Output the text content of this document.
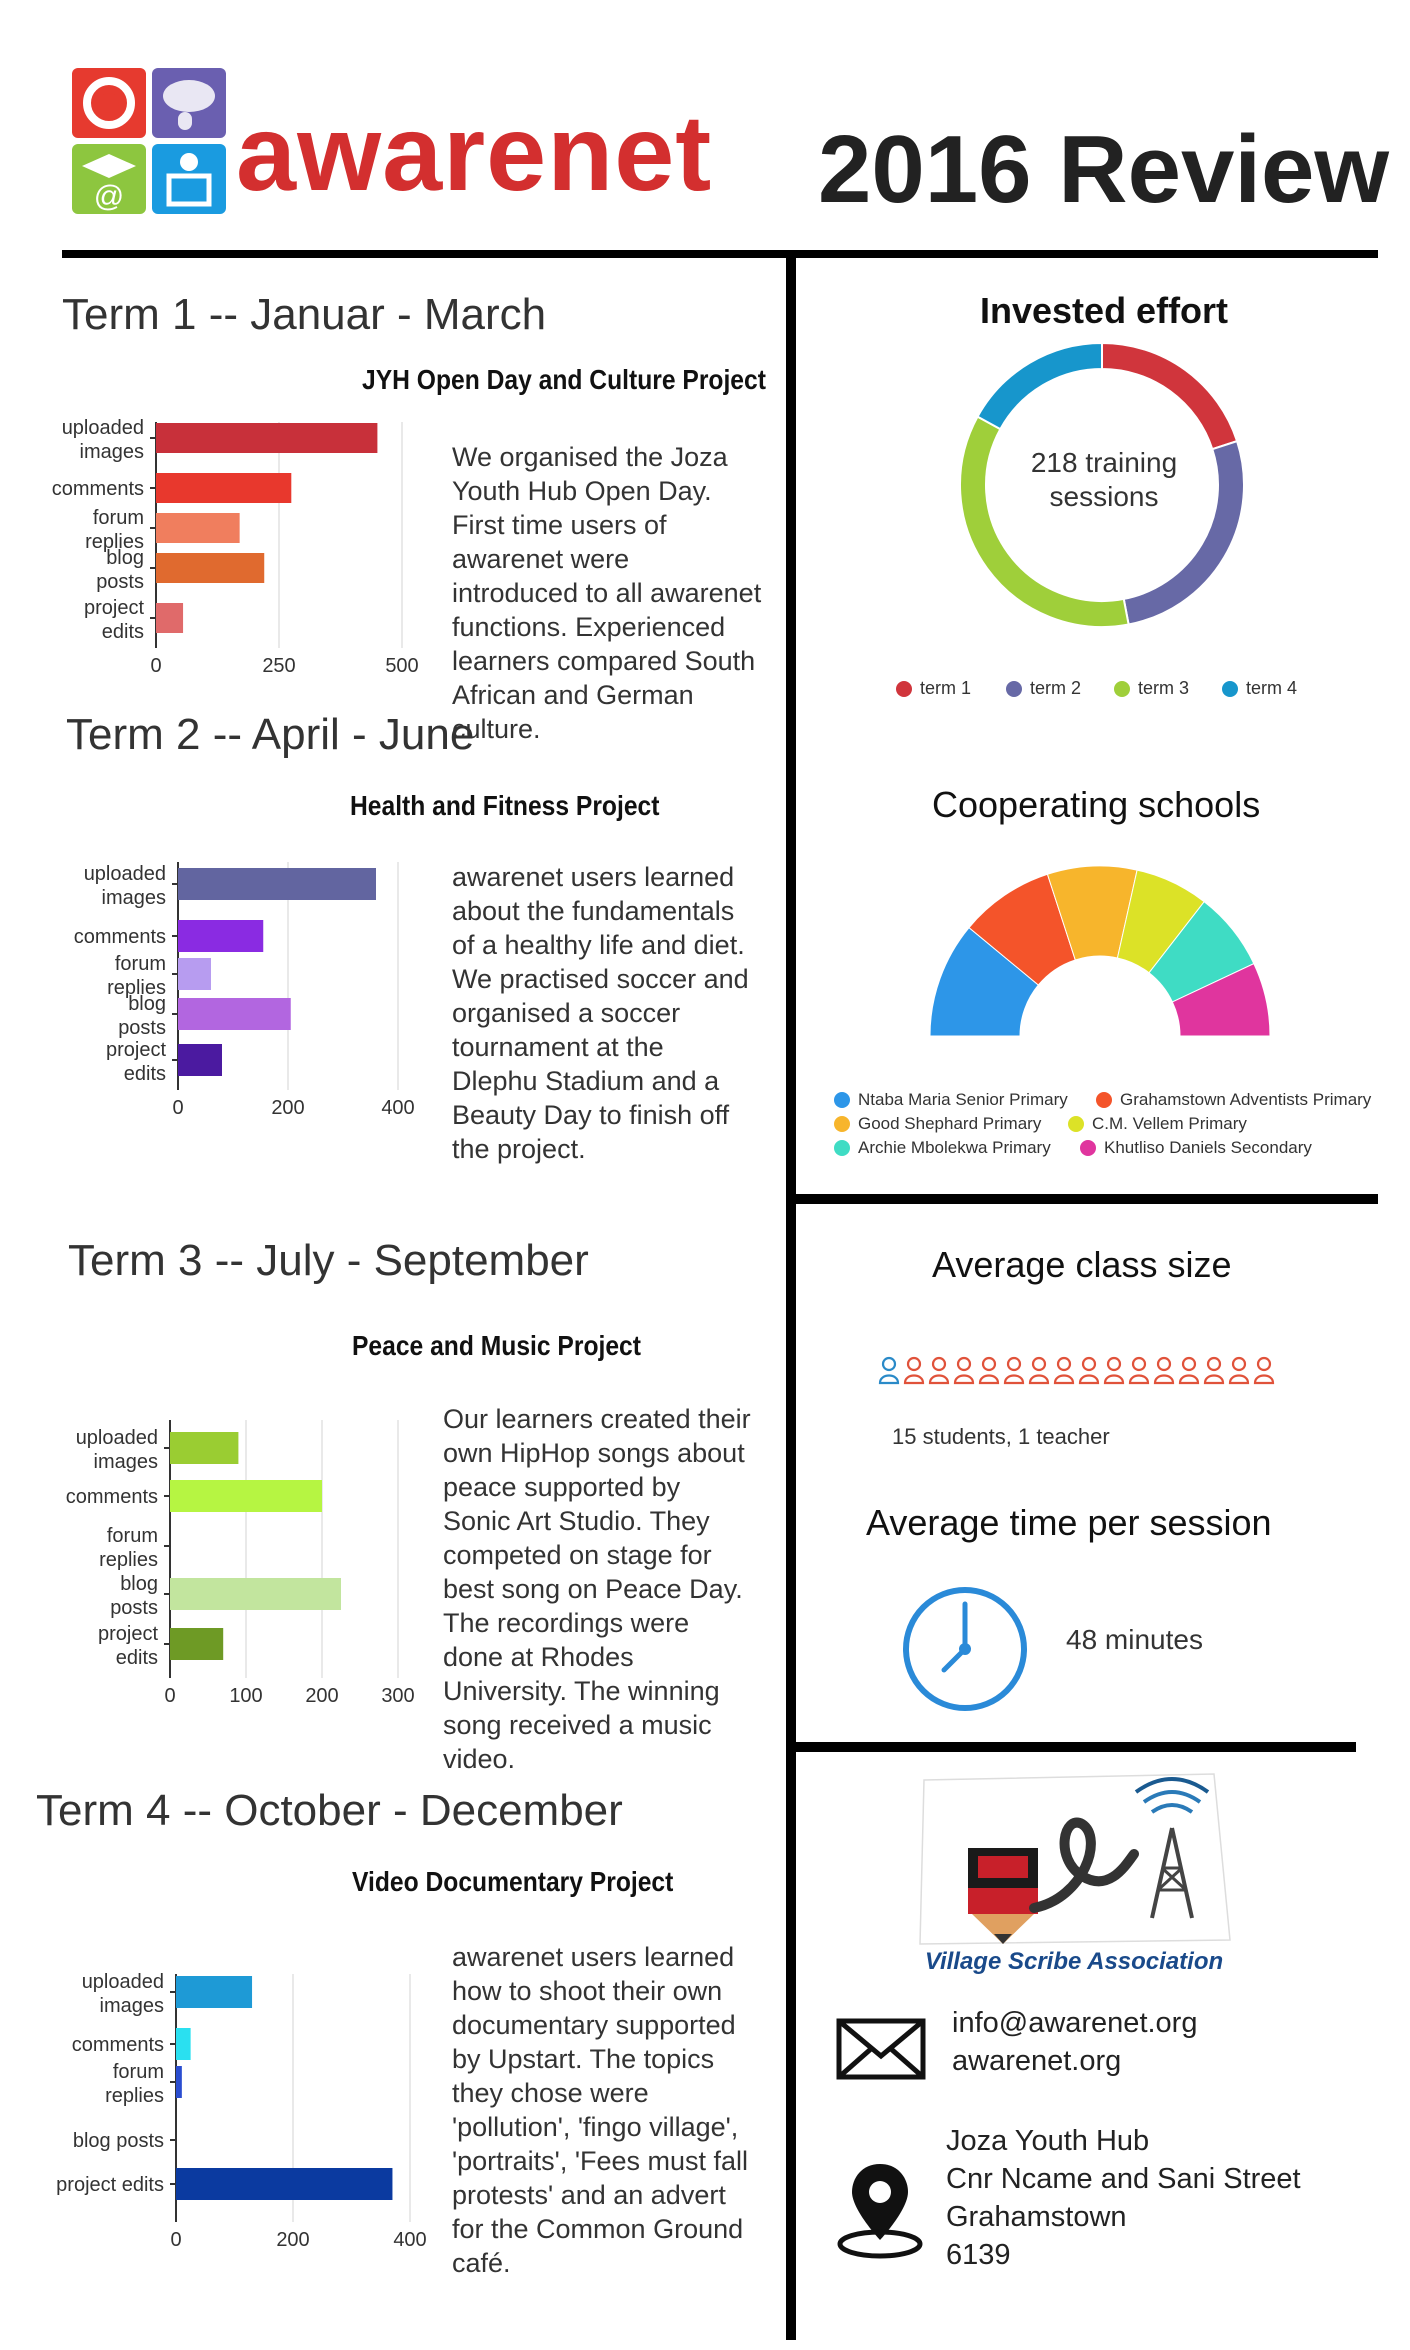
@ awarenet 2016 Review
Term 1 -- Januar - March
JYH Open Day and Culture Project
0	250	500
uploaded images
comments
forum replies
blog posts
project edits
We organised the Joza Youth Hub Open Day. First time users of awarenet were introduced to all awarenet functions. Experienced learners compared South African and German culture.
Term 2 -- April - June
Health and Fitness Project
0	200	400
uploaded images
comments
forum replies
blog posts
project edits
awarenet users learned about the fundamentals of a healthy life and diet. We practised soccer and organised a soccer tournament at the Dlephu Stadium and a Beauty Day to finish off the project.
Term 3 -- July - September
Peace and Music Project
0	100 200 300
uploaded images
comments
forum replies
blog posts
project edits
Our learners created their own HipHop songs about peace supported by Sonic Art Studio. They competed on stage for best song on Peace Day. The recordings were done at Rhodes University. The winning song received a music video.
Term 4 -- October - December
Video Documentary Project
0	200	400
uploaded images
comments
forum replies
blog posts
project edits
awarenet users learned how to shoot their own documentary supported by Upstart. The topics they chose were 'pollution', 'fingo village', 'portraits', 'Fees must fall protests' and an advert for the Common Ground café.
Invested effort
218 training
sessions
term 1	term 2	term 3	term 4
Cooperating schools
Ntaba Maria Senior Primary	Grahamstown Adventists Primary
Good Shephard Primary	C.M. Vellem Primary
Archie Mbolekwa Primary	Khutliso Daniels Secondary
Average class size
15 students, 1 teacher
Average time per session
48 minutes
Village Scribe Association
info@awarenet.org
awarenet.org
Joza Youth Hub
Cnr Ncame and Sani Street
Grahamstown
6139
